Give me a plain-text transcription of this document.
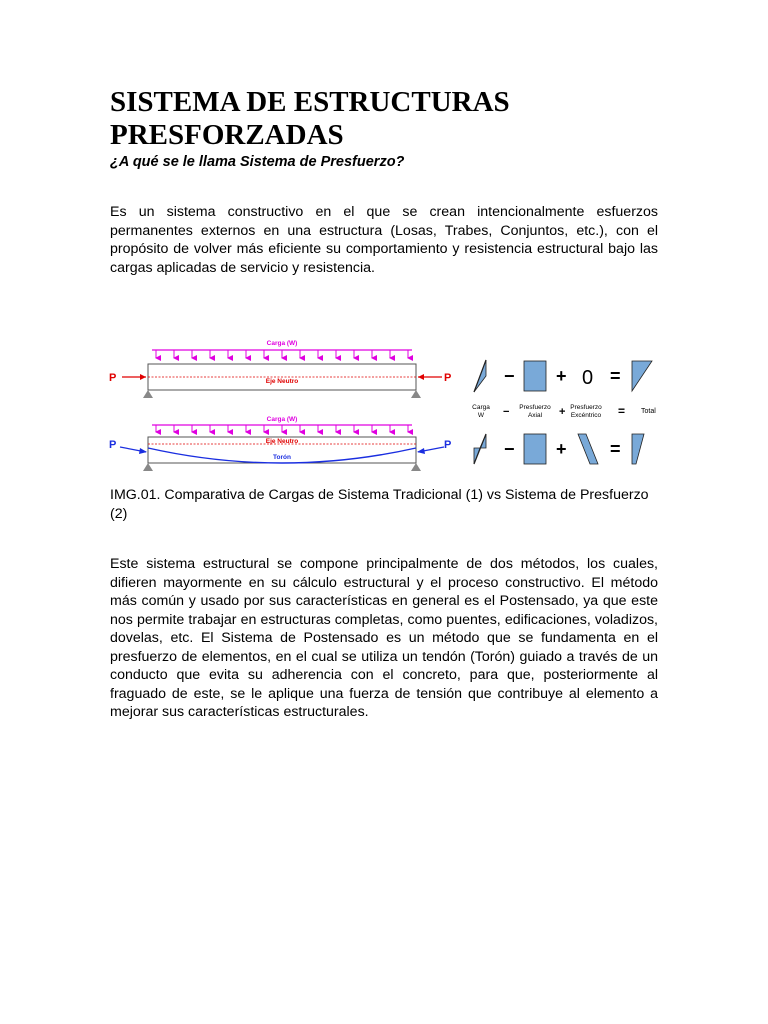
SISTEMA DE ESTRUCTURAS PRESFORZADAS

¿A qué se le llama Sistema de Presfuerzo?

Es un sistema constructivo en el que se crean intencionalmente esfuerzos permanentes externos en una estructura (Losas, Trabes, Conjuntos, etc.), con el propósito de volver más eficiente su comportamiento y resistencia estructural bajo las cargas aplicadas de servicio y resistencia.

Carga (W)
Eje Neutro
P	P
Carga (W)
Eje Neutro
Torón
P	P
− + 0 =
Carga
W − Presfuerzo
Axial + Presfuerzo
Excéntrico = Total
− + =

IMG.01. Comparativa de Cargas de Sistema Tradicional (1) vs Sistema de Presfuerzo (2)

Este sistema estructural se compone principalmente de dos métodos, los cuales, difieren mayormente en su cálculo estructural y el proceso constructivo. El método más común y usado por sus características en general es el Postensado, ya que este nos permite trabajar en estructuras completas, como puentes, edificaciones, voladizos, dovelas, etc. El Sistema de Postensado es un método que se fundamenta en el presfuerzo de elementos, en el cual se utiliza un tendón (Torón) guiado a través de un conducto que evita su adherencia con el concreto, para que, posteriormente al fraguado de este, se le aplique una fuerza de tensión que contribuye al elemento a mejorar sus características estructurales.
